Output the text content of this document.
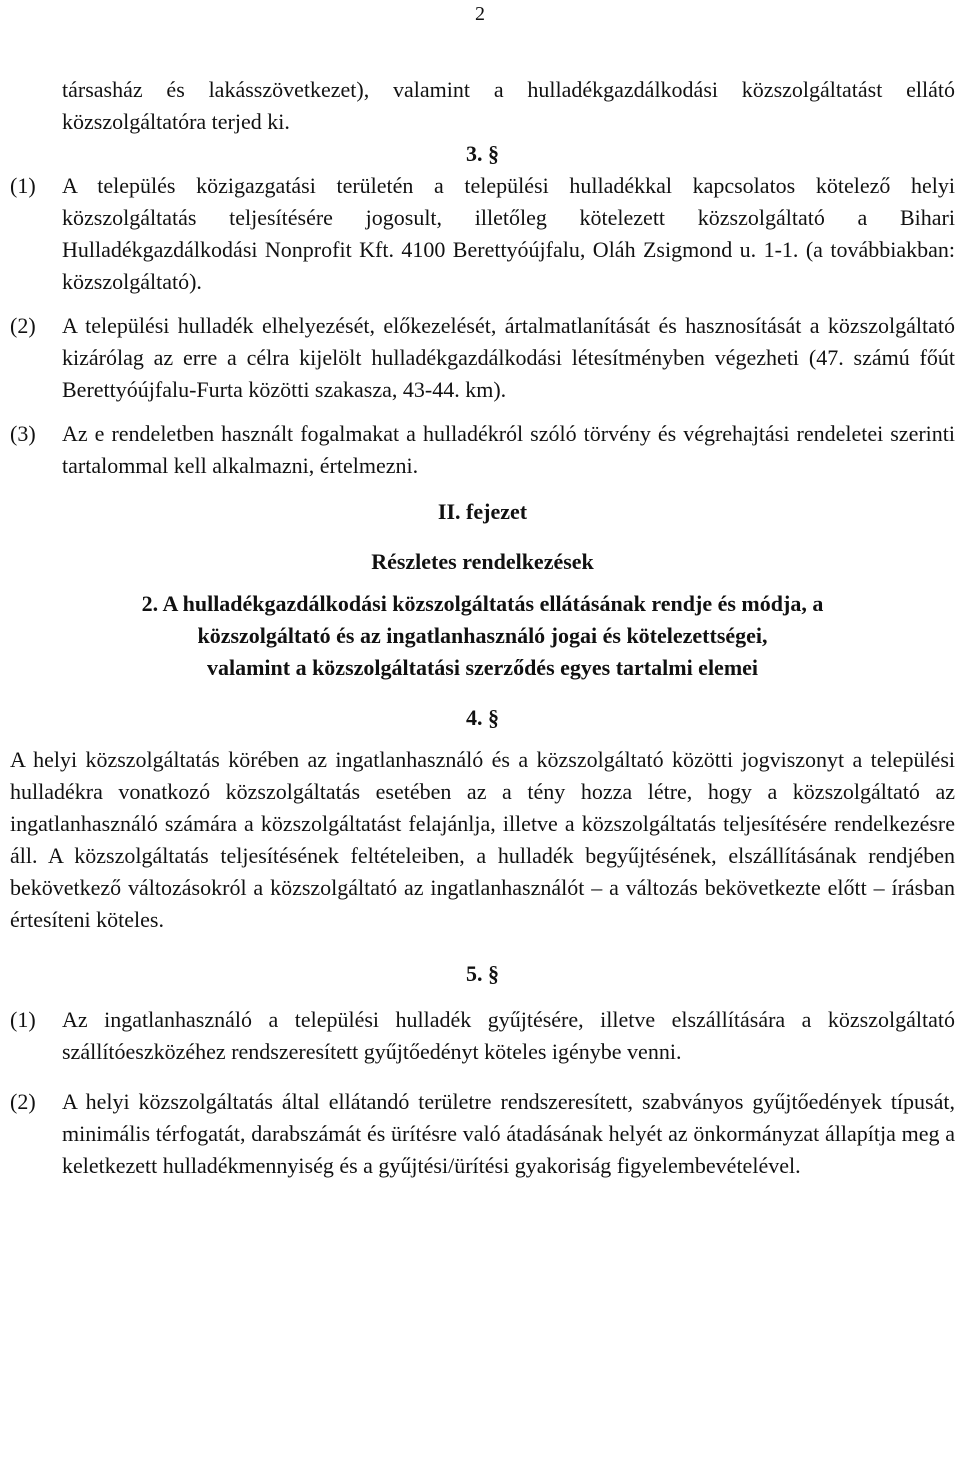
2
társasház és lakásszövetkezet), valamint a hulladékgazdálkodási közszolgáltatást ellátó közszolgáltatóra terjed ki.
3. §
(1) A település közigazgatási területén a települési hulladékkal kapcsolatos kötelező helyi közszolgáltatás teljesítésére jogosult, illetőleg kötelezett közszolgáltató a Bihari Hulladékgazdálkodási Nonprofit Kft. 4100 Berettyóújfalu, Oláh Zsigmond u. 1-1. (a továbbiakban: közszolgáltató).
(2) A települési hulladék elhelyezését, előkezelését, ártalmatlanítását és hasznosítását a közszolgáltató kizárólag az erre a célra kijelölt hulladékgazdálkodási létesítményben végezheti (47. számú főút Berettyóújfalu-Furta közötti szakasza, 43-44. km).
(3) Az e rendeletben használt fogalmakat a hulladékról szóló törvény és végrehajtási rendeletei szerinti tartalommal kell alkalmazni, értelmezni.
II. fejezet
Részletes rendelkezések
2. A hulladékgazdálkodási közszolgáltatás ellátásának rendje és módja, a
közszolgáltató és az ingatlanhasználó jogai és kötelezettségei,
valamint a közszolgáltatási szerződés egyes tartalmi elemei
4. §
A helyi közszolgáltatás körében az ingatlanhasználó és a közszolgáltató közötti jogviszonyt a települési hulladékra vonatkozó közszolgáltatás esetében az a tény hozza létre, hogy a közszolgáltató az ingatlanhasználó számára a közszolgáltatást felajánlja, illetve a közszolgáltatás teljesítésére rendelkezésre áll. A közszolgáltatás teljesítésének feltételeiben, a hulladék begyűjtésének, elszállításának rendjében bekövetkező változásokról a közszolgáltató az ingatlanhasználót – a változás bekövetkezte előtt – írásban értesíteni köteles.
5. §
(1) Az ingatlanhasználó a települési hulladék gyűjtésére, illetve elszállítására a közszolgáltató szállítóeszközéhez rendszeresített gyűjtőedényt köteles igénybe venni.
(2) A helyi közszolgáltatás által ellátandó területre rendszeresített, szabványos gyűjtőedények típusát, minimális térfogatát, darabszámát és ürítésre való átadásának helyét az önkormányzat állapítja meg a keletkezett hulladékmennyiség és a gyűjtési/ürítési gyakoriság figyelembevételével.
